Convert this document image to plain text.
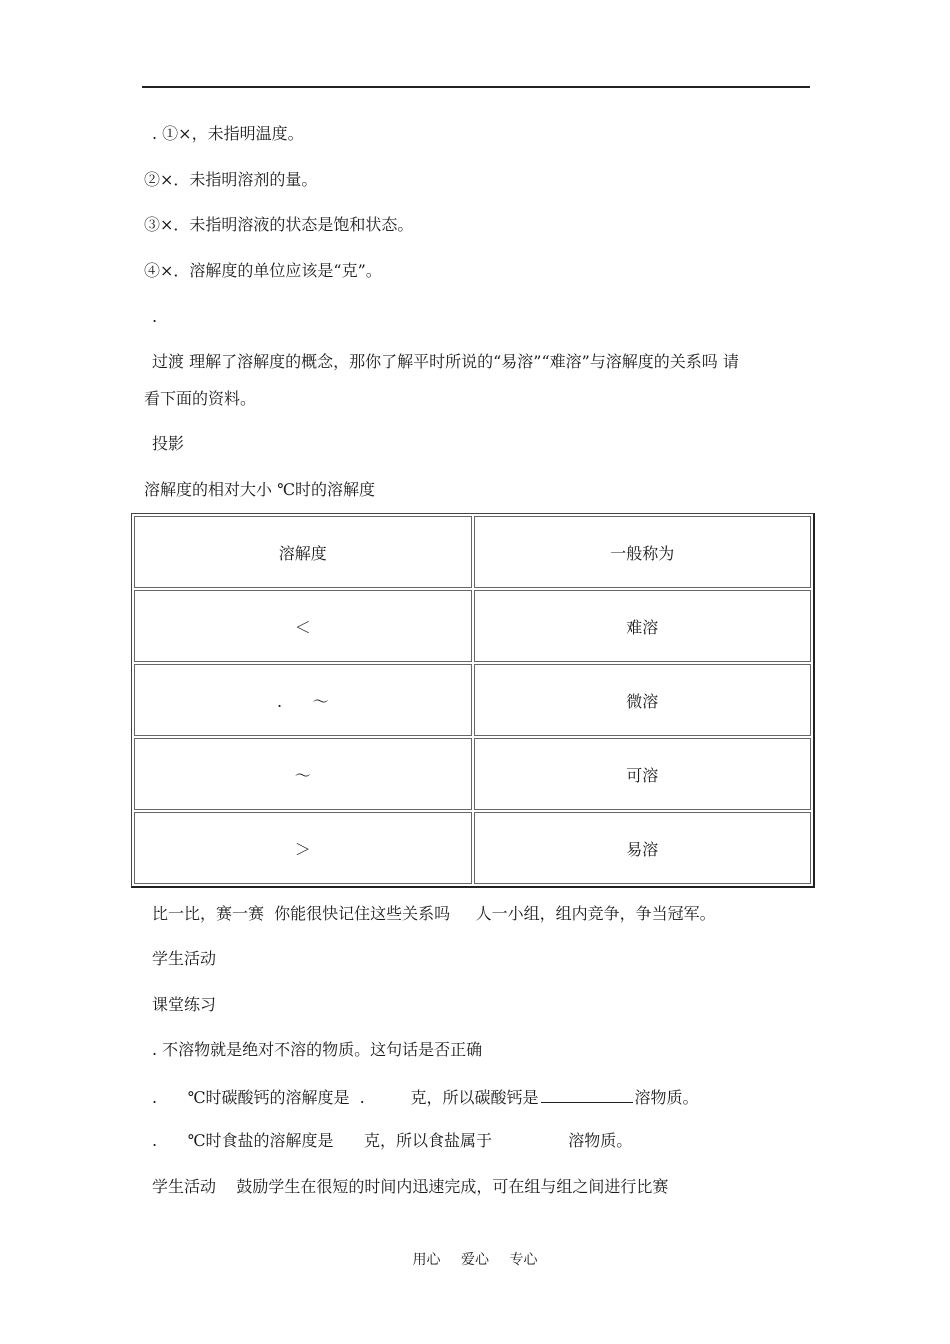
. ①×，未指明温度。
②×．未指明溶剂的量。
③×．未指明溶液的状态是饱和状态。
④×．溶解度的单位应该是“克”。
.
过渡 理解了溶解度的概念，那你了解平时所说的“易溶”“难溶”与溶解度的关系吗 请
看下面的资料。
投影
溶解度的相对大小 ℃时的溶解度
溶解度	一般称为
＜	难溶
.      ～	微溶
～	可溶
＞	易溶
比一比，赛一赛  你能很快记住这些关系吗     人一小组，组内竞争，争当冠军。
学生活动
课堂练习
. 不溶物就是绝对不溶的物质。这句话是否正确
.      ℃时碳酸钙的溶解度是  .         克，所以碳酸钙是	溶物质。
.      ℃时食盐的溶解度是      克，所以食盐属于               溶物质。
学生活动    鼓励学生在很短的时间内迅速完成，可在组与组之间进行比赛
用心 爱心 专心
